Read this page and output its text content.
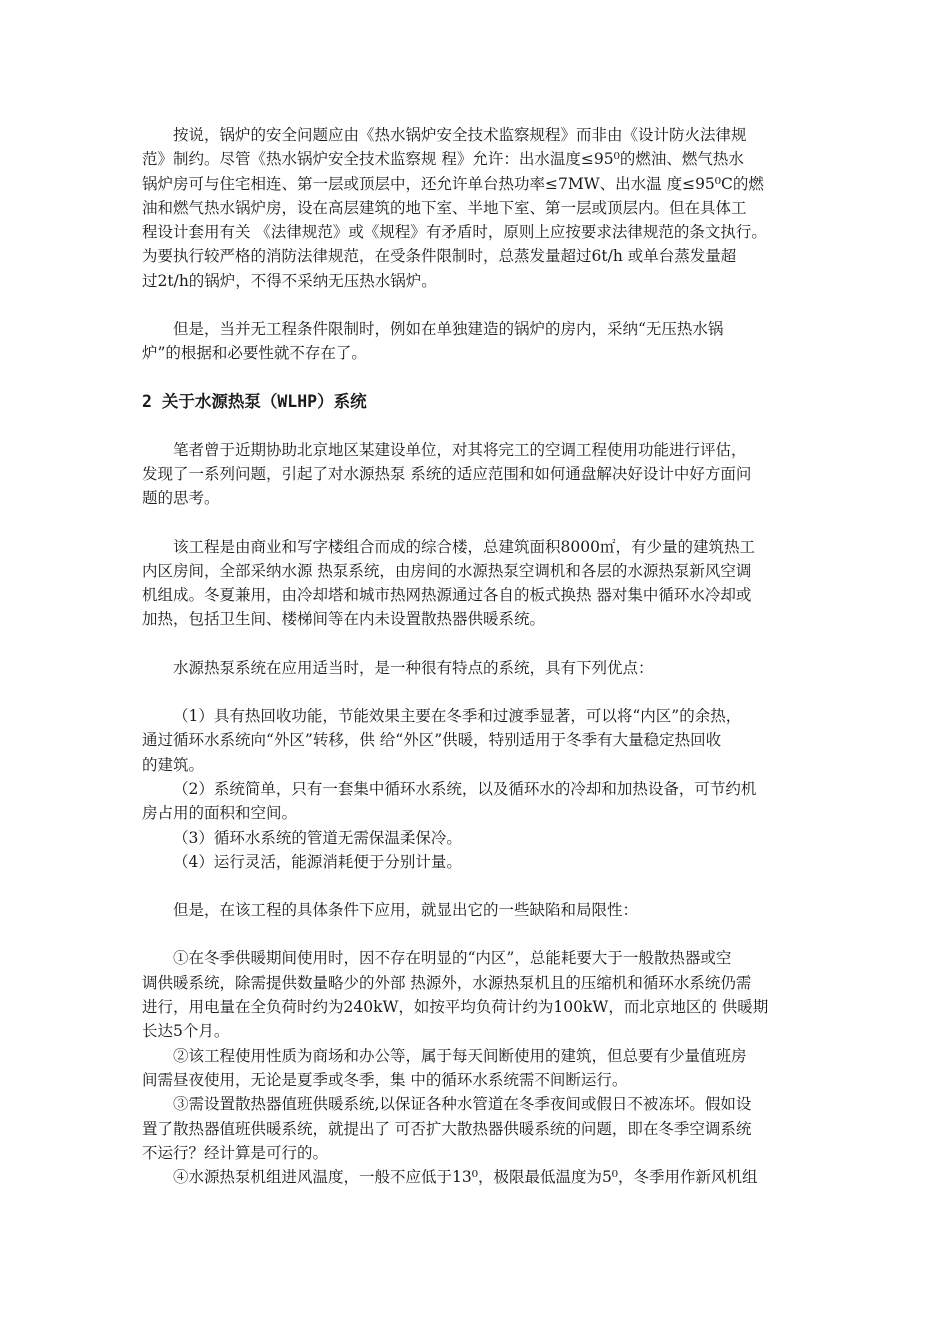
按说，锅炉的安全问题应由《热水锅炉安全技术监察规程》而非由《设计防火法律规
范》制约。尽管《热水锅炉安全技术监察规 程》允许：出水温度≤95⁰的燃油、燃气热水
锅炉房可与住宅相连、第一层或顶层中，还允许单台热功率≤7MW、出水温 度≤95⁰C的燃
油和燃气热水锅炉房，设在高层建筑的地下室、半地下室、第一层或顶层内。但在具体工
程设计套用有关 《法律规范》或《规程》有矛盾时，原则上应按要求法律规范的条文执行。
为要执行较严格的消防法律规范，在受条件限制时，总蒸发量超过6t/h 或单台蒸发量超
过2t/h的锅炉，不得不采纳无压热水锅炉。

但是，当并无工程条件限制时，例如在单独建造的锅炉的房内，采纳“无压热水锅
炉”的根据和必要性就不存在了。

2 关于水源热泵（WLHP）系统

笔者曾于近期协助北京地区某建设单位，对其将完工的空调工程使用功能进行评估，
发现了一系列问题，引起了对水源热泵 系统的适应范围和如何通盘解决好设计中好方面问
题的思考。

该工程是由商业和写字楼组合而成的综合楼，总建筑面积8000㎡，有少量的建筑热工
内区房间，全部采纳水源 热泵系统，由房间的水源热泵空调机和各层的水源热泵新风空调
机组成。冬夏兼用，由冷却塔和城市热网热源通过各自的板式换热 器对集中循环水冷却或
加热，包括卫生间、楼梯间等在内未设置散热器供暖系统。

水源热泵系统在应用适当时，是一种很有特点的系统，具有下列优点：

（1）具有热回收功能，节能效果主要在冬季和过渡季显著，可以将“内区”的余热，
通过循环水系统向“外区”转移，供 给“外区”供暖，特别适用于冬季有大量稳定热回收
的建筑。

（2）系统简单，只有一套集中循环水系统，以及循环水的冷却和加热设备，可节约机
房占用的面积和空间。

（3）循环水系统的管道无需保温柔保冷。

（4）运行灵活，能源消耗便于分别计量。

但是，在该工程的具体条件下应用，就显出它的一些缺陷和局限性：

①在冬季供暖期间使用时，因不存在明显的“内区”，总能耗要大于一般散热器或空
调供暖系统，除需提供数量略少的外部 热源外，水源热泵机且的压缩机和循环水系统仍需
进行，用电量在全负荷时约为240kW，如按平均负荷计约为100kW，而北京地区的 供暖期
长达5个月。

②该工程使用性质为商场和办公等，属于每天间断使用的建筑，但总要有少量值班房
间需昼夜使用，无论是夏季或冬季，集 中的循环水系统需不间断运行。

③需设置散热器值班供暖系统,以保证各种水管道在冬季夜间或假日不被冻坏。假如设
置了散热器值班供暖系统，就提出了 可否扩大散热器供暖系统的问题，即在冬季空调系统
不运行？经计算是可行的。

④水源热泵机组进风温度，一般不应低于13⁰，极限最低温度为5⁰，冬季用作新风机组
